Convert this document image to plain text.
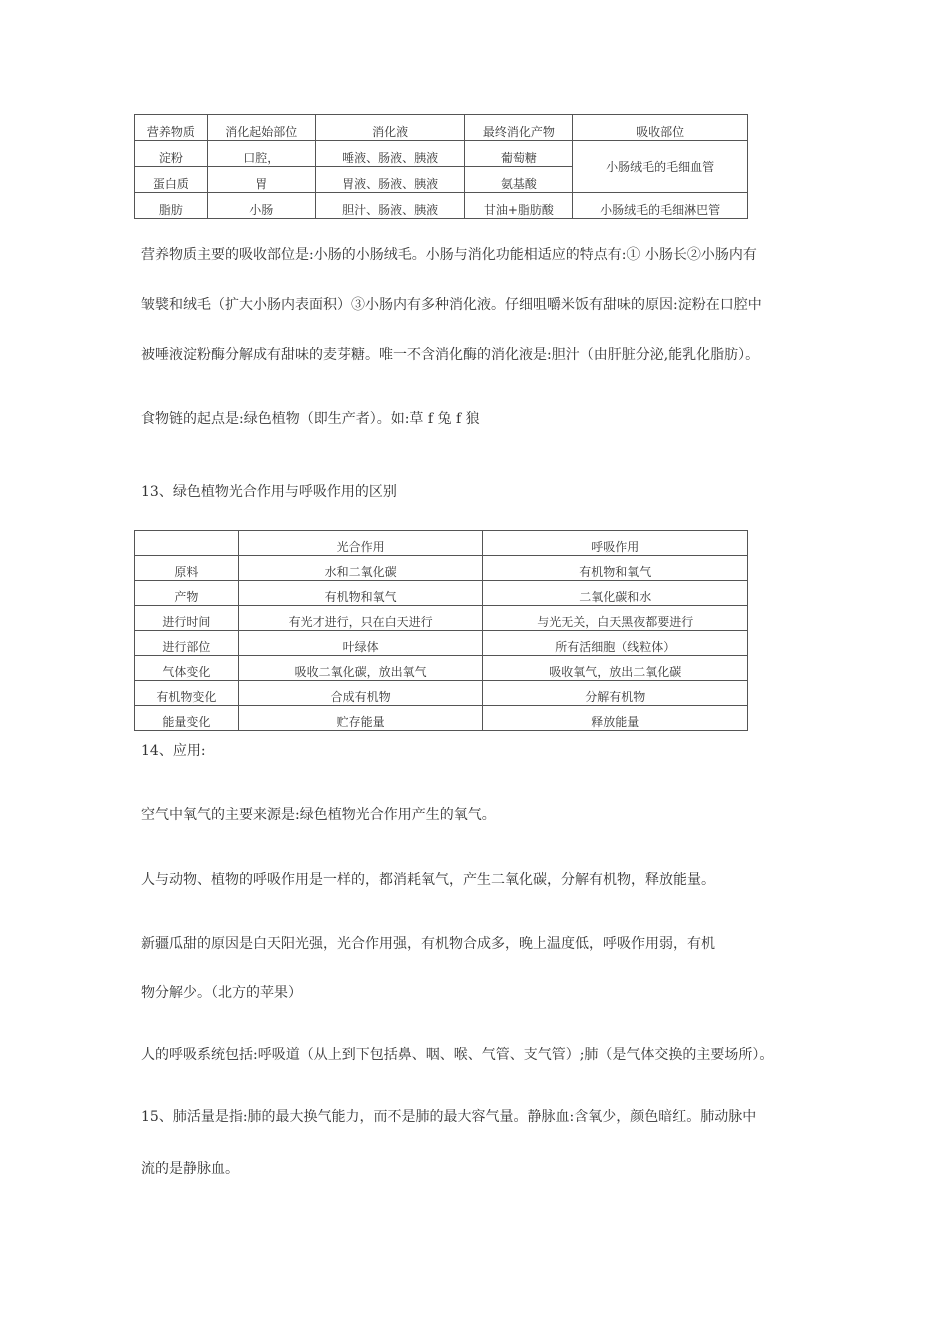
营养物质	消化起始部位	消化液	最终消化产物	吸收部位
淀粉	口腔，	唾液、肠液、胰液	葡萄糖	小肠绒毛的毛细血管
蛋白质	胃	胃液、肠液、胰液	氨基酸	
脂肪	小肠	胆汁、肠液、胰液	甘油+脂肪酸	小肠绒毛的毛细淋巴管
营养物质主要的吸收部位是:小肠的小肠绒毛。小肠与消化功能相适应的特点有:① 小肠长②小肠内有
皱襞和绒毛（扩大小肠内表面积）③小肠内有多种消化液。仔细咀嚼米饭有甜味的原因:淀粉在口腔中
被唾液淀粉酶分解成有甜味的麦芽糖。唯一不含消化酶的消化液是:胆汁（由肝脏分泌,能乳化脂肪）。
食物链的起点是:绿色植物（即生产者）。如:草 f 兔 f 狼
13、绿色植物光合作用与呼吸作用的区别
	光合作用	呼吸作用
原料	水和二氧化碳	有机物和氧气
产物	有机物和氧气	二氧化碳和水
进行时间	有光才进行，只在白天进行	与光无关，白天黑夜都要进行
进行部位	叶绿体	所有活细胞（线粒体）
气体变化	吸收二氧化碳，放出氧气	吸收氧气，放出二氧化碳
有机物变化	合成有机物	分解有机物
能量变化	贮存能量	释放能量
14、应用:
空气中氧气的主要来源是:绿色植物光合作用产生的氧气。
人与动物、植物的呼吸作用是一样的，都消耗氧气，产生二氧化碳，分解有机物，释放能量。
新疆瓜甜的原因是白天阳光强，光合作用强，有机物合成多，晚上温度低，呼吸作用弱，有机
物分解少。（北方的苹果）
人的呼吸系统包括:呼吸道（从上到下包括鼻、咽、喉、气管、支气管）;肺（是气体交换的主要场所）。
15、肺活量是指:肺的最大换气能力，而不是肺的最大容气量。静脉血:含氧少，颜色暗红。肺动脉中
流的是静脉血。
